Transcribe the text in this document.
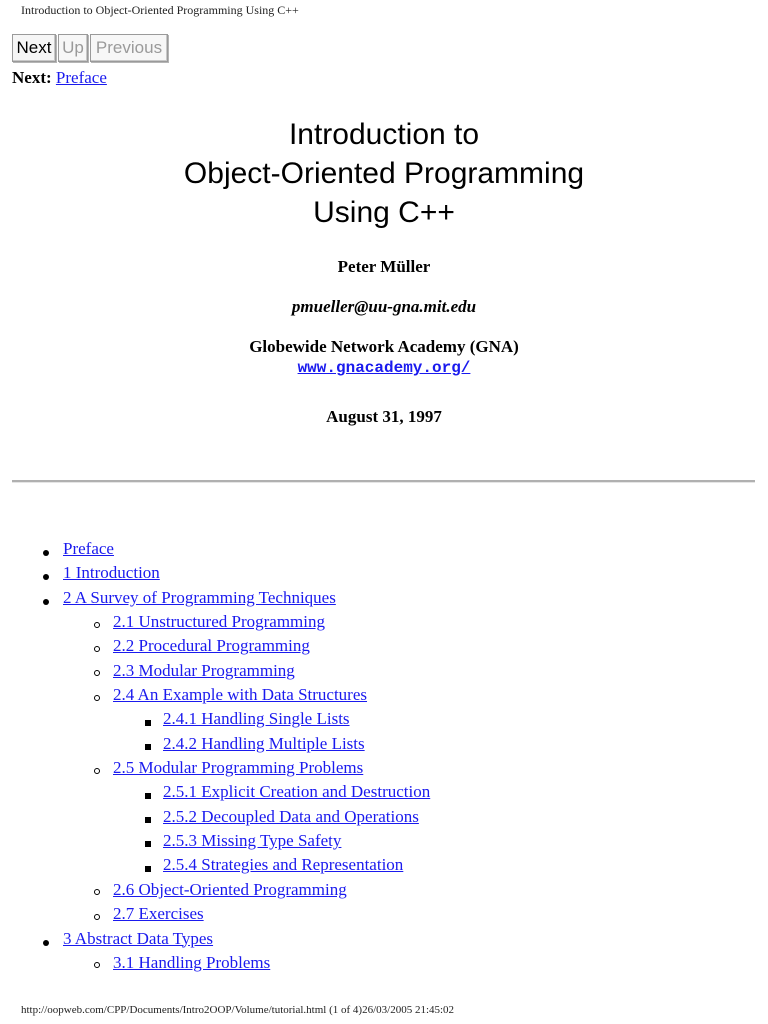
Introduction to Object-Oriented Programming Using C++
Next Up Previous
Next: Preface
Introduction to
Object-Oriented Programming
Using C++
Peter Müller
pmueller@uu-gna.mit.edu
Globewide Network Academy (GNA)
www.gnacademy.org/
August 31, 1997
Preface
1 Introduction
2 A Survey of Programming Techniques
2.1 Unstructured Programming
2.2 Procedural Programming
2.3 Modular Programming
2.4 An Example with Data Structures
2.4.1 Handling Single Lists
2.4.2 Handling Multiple Lists
2.5 Modular Programming Problems
2.5.1 Explicit Creation and Destruction
2.5.2 Decoupled Data and Operations
2.5.3 Missing Type Safety
2.5.4 Strategies and Representation
2.6 Object-Oriented Programming
2.7 Exercises
3 Abstract Data Types
3.1 Handling Problems
http://oopweb.com/CPP/Documents/Intro2OOP/Volume/tutorial.html (1 of 4)26/03/2005 21:45:02
